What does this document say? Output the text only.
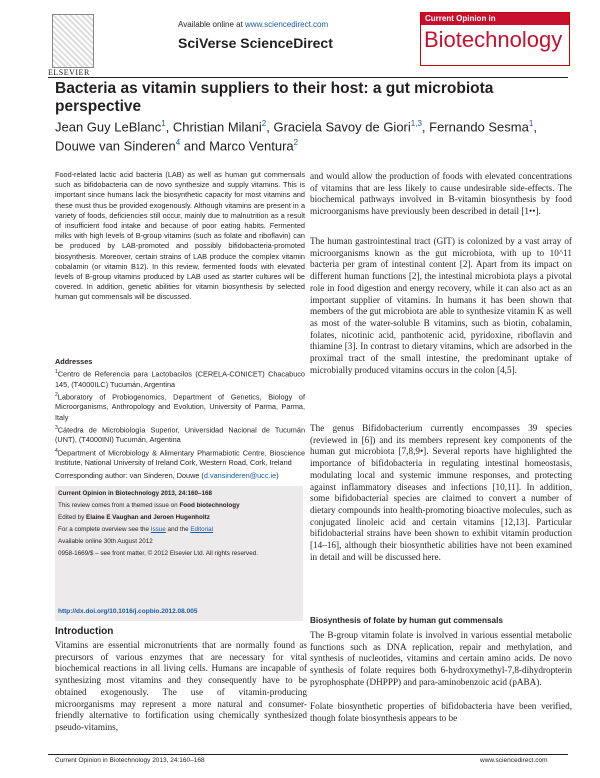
ELSEVIER
Available online at www.sciencedirect.com
SciVerse ScienceDirect
Current Opinion in
Biotechnology
Bacteria as vitamin suppliers to their host: a gut microbiota perspective
Jean Guy LeBlanc$^1$, Christian Milani$^2$, Graciela Savoy de Giori$^{1,3}$, Fernando Sesma$^1$, Douwe van Sinderen$^4$ and Marco Ventura$^2$
Food-related lactic acid bacteria (LAB) as well as human gut commensals such as bifidobacteria can de novo synthesize and supply vitamins. This is important since humans lack the biosynthetic capacity for most vitamins and these must thus be provided exogenously. Although vitamins are present in a variety of foods, deficiencies still occur, mainly due to malnutrition as a result of insufficient food intake and because of poor eating habits. Fermented milks with high levels of B-group vitamins (such as folate and riboflavin) can be produced by LAB-promoted and possibly bifidobacteria-promoted biosynthesis. Moreover, certain strains of LAB produce the complex vitamin cobalamin (or vitamin B12). In this review, fermented foods with elevated levels of B-group vitamins produced by LAB used as starter cultures will be covered. In addition, genetic abilities for vitamin biosynthesis by selected human gut commensals will be discussed.
Addresses

$^1$Centro de Referencia para Lactobacilos (CERELA-CONICET) Chacabuco 145, (T4000ILC) Tucumán, Argentina

$^2$Laboratory of Probiogenomics, Department of Genetics, Biology of Microorganisms, Anthropology and Evolution, University of Parma, Parma, Italy

$^3$Cátedra de Microbiología Superior, Universidad Nacional de Tucumán (UNT), (T4000INI) Tucumán, Argentina

$^4$Department of Microbiology & Alimentary Pharmabiotic Centre, Bioscience Institute, National University of Ireland Cork, Western Road, Cork, Ireland

Corresponding author: van Sinderen, Douwe (d.vansinderen@ucc.ie)
Current Opinion in Biotechnology 2013, 24:160–168
This review comes from a themed issue on Food biotechnology
Edited by Elaine E Vaughan and Jeroen Hugenholtz
For a complete overview see the Issue and the Editorial
Available online 30th August 2012
0958-1669/$ – see front matter, © 2012 Elsevier Ltd. All rights reserved.
http://dx.doi.org/10.1016/j.copbio.2012.08.005
Introduction
Vitamins are essential micronutrients that are normally found as precursors of various enzymes that are necessary for vital biochemical reactions in all living cells. Humans are incapable of synthesizing most vitamins and they consequently have to be obtained exogenously. The use of vitamin-producing microorganisms may represent a more natural and consumer-friendly alternative to fortification using chemically synthesized pseudo-vitamins,

and would allow the production of foods with elevated concentrations of vitamins that are less likely to cause undesirable side-effects. The biochemical pathways involved in B-vitamin biosynthesis by food microorganisms have previously been described in detail [1••].

The human gastrointestinal tract (GIT) is colonized by a vast array of microorganisms known as the gut microbiota, with up to 10^11 bacteria per gram of intestinal content [2]. Apart from its impact on different human functions [2], the intestinal microbiota plays a pivotal role in food digestion and energy recovery, while it can also act as an important supplier of vitamins. In humans it has been shown that members of the gut microbiota are able to synthesize vitamin K as well as most of the water-soluble B vitamins, such as biotin, cobalamin, folates, nicotinic acid, panthotenic acid, pyridoxine, riboflavin and thiamine [3]. In contrast to dietary vitamins, which are adsorbed in the proximal tract of the small intestine, the predominant uptake of microbially produced vitamins occurs in the colon [4,5].

The genus Bifidobacterium currently encompasses 39 species (reviewed in [6]) and its members represent key components of the human gut microbiota [7,8,9•]. Several reports have highlighted the importance of bifidobacteria in regulating intestinal homeostasis, modulating local and systemic immune responses, and protecting against inflammatory diseases and infections [10,11]. In addition, some bifidobacterial species are claimed to convert a number of dietary compounds into health-promoting bioactive molecules, such as conjugated linoleic acid and certain vitamins [12,13]. Particular bifidobacterial strains have been shown to exhibit vitamin production [14–16], although their biosynthetic abilities have not been examined in detail and will be discussed here.

Biosynthesis of folate by human gut commensals

The B-group vitamin folate is involved in various essential metabolic functions such as DNA replication, repair and methylation, and synthesis of nucleotides, vitamins and certain amino acids. De novo synthesis of folate requires both 6-hydroxymethyl-7,8-dihydropterin pyrophosphate (DHPPP) and para-aminobenzoic acid (pABA).

Folate biosynthetic properties of bifidobacteria have been verified, though folate biosynthesis appears to be

Current Opinion in Biotechnology 2013, 24:160–168	www.sciencedirect.com
